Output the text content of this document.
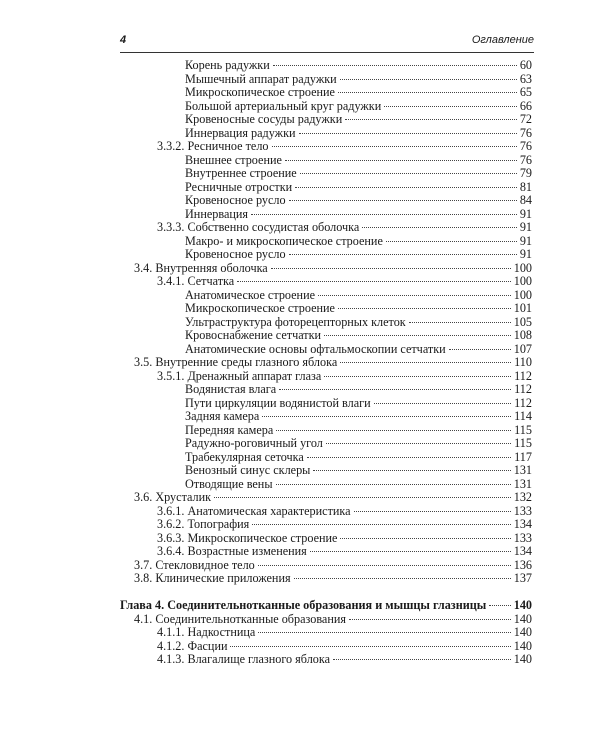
4	Оглавление
Корень радужки	60
Мышечный аппарат радужки	63
Микроскопическое строение	65
Большой артериальный круг радужки	66
Кровеносные сосуды радужки	72
Иннервация радужки	76
3.3.2. Ресничное тело	76
Внешнее строение	76
Внутреннее строение	79
Ресничные отростки	81
Кровеносное русло	84
Иннервация	91
3.3.3. Собственно сосудистая оболочка	91
Макро- и микроскопическое строение	91
Кровеносное русло	91
3.4. Внутренняя оболочка	100
3.4.1. Сетчатка	100
Анатомическое строение	100
Микроскопическое строение	101
Ультраструктура фоторецепторных клеток	105
Кровоснабжение сетчатки	108
Анатомические основы офтальмоскопии сетчатки	107
3.5. Внутренние среды глазного яблока	110
3.5.1. Дренажный аппарат глаза	112
Водянистая влага	112
Пути циркуляции водянистой влаги	112
Задняя камера	114
Передняя камера	115
Радужно-роговичный угол	115
Трабекулярная сеточка	117
Венозный синус склеры	131
Отводящие вены	131
3.6. Хрусталик	132
3.6.1. Анатомическая характеристика	133
3.6.2. Топография	134
3.6.3. Микроскопическое строение	133
3.6.4. Возрастные изменения	134
3.7. Стекловидное тело	136
3.8. Клинические приложения	137
Глава 4. Соединительнотканные образования и мышцы глазницы 140
4.1. Соединительнотканные образования	140
4.1.1. Надкостница	140
4.1.2. Фасции	140
4.1.3. Влагалище глазного яблока	140
